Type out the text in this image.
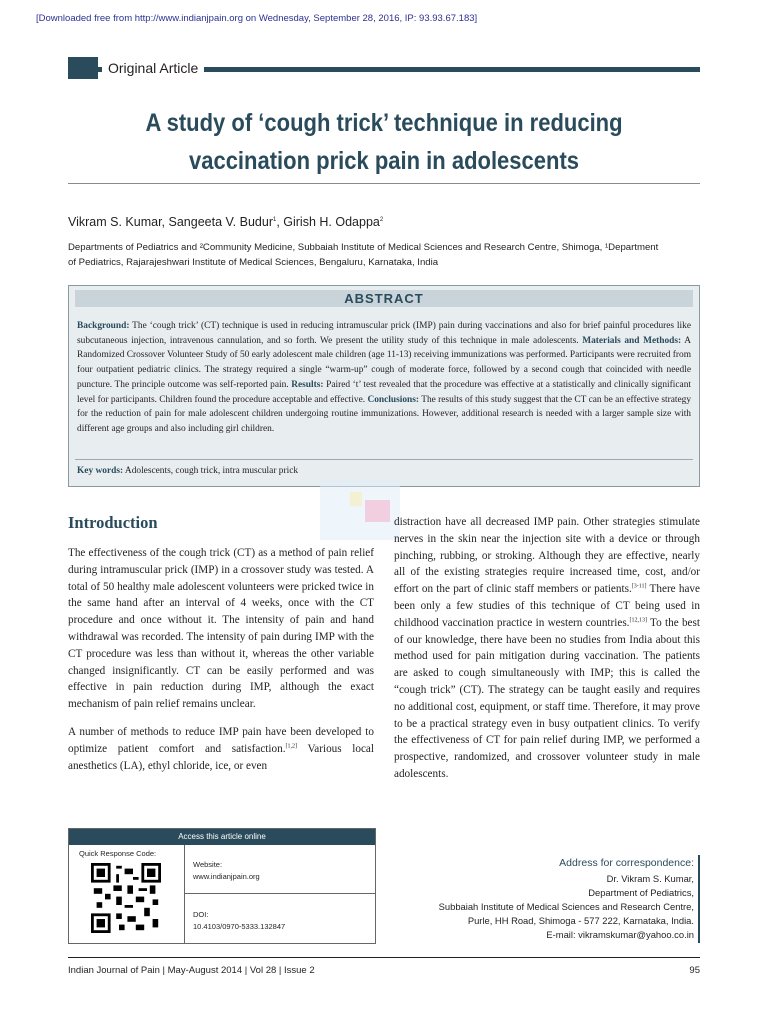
[Downloaded free from http://www.indianjpain.org on Wednesday, September 28, 2016, IP: 93.93.67.183]
Original Article
A study of ‘cough trick’ technique in reducing
vaccination prick pain in adolescents
Vikram S. Kumar, Sangeeta V. Budur$^1$, Girish H. Odappa$^2$
Departments of Pediatrics and ²Community Medicine, Subbaiah Institute of Medical Sciences and Research Centre, Shimoga, ¹Department
of Pediatrics, Rajarajeshwari Institute of Medical Sciences, Bengaluru, Karnataka, India
ABSTRACT
Background: The ‘cough trick’ (CT) technique is used in reducing intramuscular prick (IMP) pain during vaccinations and also for brief painful procedures like subcutaneous injection, intravenous cannulation, and so forth. We present the utility study of this technique in male adolescents. Materials and Methods: A Randomized Crossover Volunteer Study of 50 early adolescent male children (age 11-13) receiving immunizations was performed. Participants were recruited from four outpatient pediatric clinics. The strategy required a single “warm-up” cough of moderate force, followed by a second cough that coincided with needle puncture. The principle outcome was self-reported pain. Results: Paired ‘t’ test revealed that the procedure was effective at a statistically and clinically significant level for participants. Children found the procedure acceptable and effective. Conclusions: The results of this study suggest that the CT can be an effective strategy for the reduction of pain for male adolescent children undergoing routine immunizations. However, additional research is needed with a larger sample size with different age groups and also including girl children.
Key words: Adolescents, cough trick, intra muscular prick
Introduction

The effectiveness of the cough trick (CT) as a method of pain relief during intramuscular prick (IMP) in a crossover study was tested. A total of 50 healthy male adolescent volunteers were pricked twice in the same hand after an interval of 4 weeks, once with the CT procedure and once without it. The intensity of pain and hand withdrawal was recorded. The intensity of pain during IMP with the CT procedure was less than without it, whereas the other variable changed insignificantly. CT can be easily performed and was effective in pain reduction during IMP, although the exact mechanism of pain relief remains unclear.

A number of methods to reduce IMP pain have been developed to optimize patient comfort and satisfaction.[1,2] Various local anesthetics (LA), ethyl chloride, ice, or even

distraction have all decreased IMP pain. Other strategies stimulate nerves in the skin near the injection site with a device or through pinching, rubbing, or stroking. Although they are effective, nearly all of the existing strategies require increased time, cost, and/or effort on the part of clinic staff members or patients.[3-11] There have been only a few studies of this technique of CT being used in childhood vaccination practice in western countries.[12,13] To the best of our knowledge, there have been no studies from India about this method used for pain mitigation during vaccination. The patients are asked to cough simultaneously with IMP; this is called the “cough trick” (CT). The strategy can be taught easily and requires no additional cost, equipment, or staff time. Therefore, it may prove to be a practical strategy even in busy outpatient clinics. To verify the effectiveness of CT for pain relief during IMP, we performed a prospective, randomized, and crossover volunteer study in male adolescents.

Access this article online
Quick Response Code:
Website:
www.indianjpain.org
DOI:
10.4103/0970-5333.132847
Address for correspondence:
Dr. Vikram S. Kumar,
Department of Pediatrics,
Subbaiah Institute of Medical Sciences and Research Centre,
Purle, HH Road, Shimoga - 577 222, Karnataka, India.
E-mail: vikramskumar@yahoo.co.in
Indian Journal of Pain | May-August 2014 | Vol 28 | Issue 2	95
